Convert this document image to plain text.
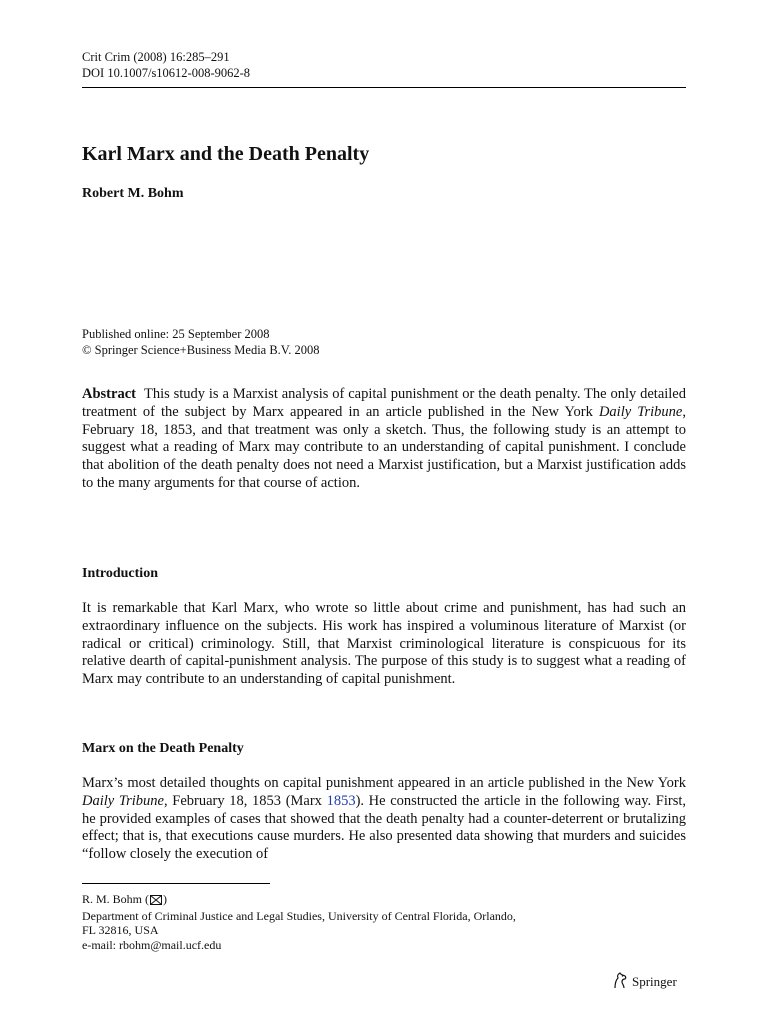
Crit Crim (2008) 16:285–291
DOI 10.1007/s10612-008-9062-8
Karl Marx and the Death Penalty
Robert M. Bohm
Published online: 25 September 2008
© Springer Science+Business Media B.V. 2008

Abstract This study is a Marxist analysis of capital punishment or the death penalty. The only detailed treatment of the subject by Marx appeared in an article published in the New York Daily Tribune, February 18, 1853, and that treatment was only a sketch. Thus, the following study is an attempt to suggest what a reading of Marx may contribute to an understanding of capital punishment. I conclude that abolition of the death penalty does not need a Marxist justification, but a Marxist justification adds to the many arguments for that course of action.

Introduction

It is remarkable that Karl Marx, who wrote so little about crime and punishment, has had such an extraordinary influence on the subjects. His work has inspired a voluminous literature of Marxist (or radical or critical) criminology. Still, that Marxist criminological literature is conspicuous for its relative dearth of capital-punishment analysis. The purpose of this study is to suggest what a reading of Marx may contribute to an understanding of capital punishment.

Marx on the Death Penalty

Marx’s most detailed thoughts on capital punishment appeared in an article published in the New York Daily Tribune, February 18, 1853 (Marx 1853). He constructed the article in the following way. First, he provided examples of cases that showed that the death penalty had a counter-deterrent or brutalizing effect; that is, that executions cause murders. He also presented data showing that murders and suicides “follow closely the execution of

R. M. Bohm ( )
Department of Criminal Justice and Legal Studies, University of Central Florida, Orlando,
FL 32816, USA
e-mail: rbohm@mail.ucf.edu
Springer
